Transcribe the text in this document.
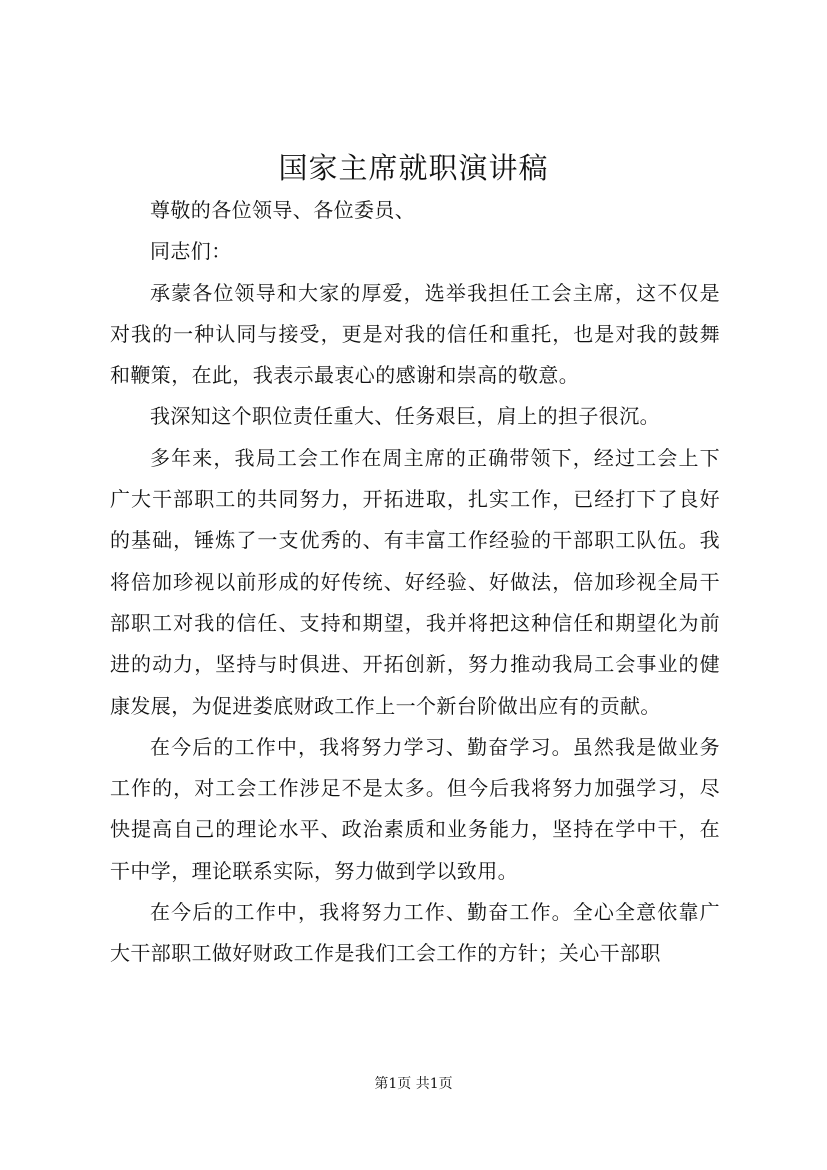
国家主席就职演讲稿

尊敬的各位领导、各位委员、

同志们：

承蒙各位领导和大家的厚爱，选举我担任工会主席，这不仅是对我的一种认同与接受，更是对我的信任和重托，也是对我的鼓舞和鞭策，在此，我表示最衷心的感谢和崇高的敬意。

我深知这个职位责任重大、任务艰巨，肩上的担子很沉。

多年来，我局工会工作在周主席的正确带领下，经过工会上下广大干部职工的共同努力，开拓进取，扎实工作，已经打下了良好的基础，锤炼了一支优秀的、有丰富工作经验的干部职工队伍。我将倍加珍视以前形成的好传统、好经验、好做法，倍加珍视全局干部职工对我的信任、支持和期望，我并将把这种信任和期望化为前进的动力，坚持与时俱进、开拓创新，努力推动我局工会事业的健康发展，为促进娄底财政工作上一个新台阶做出应有的贡献。

在今后的工作中，我将努力学习、勤奋学习。虽然我是做业务工作的，对工会工作涉足不是太多。但今后我将努力加强学习，尽快提高自己的理论水平、政治素质和业务能力，坚持在学中干，在干中学，理论联系实际，努力做到学以致用。

在今后的工作中，我将努力工作、勤奋工作。全心全意依靠广大干部职工做好财政工作是我们工会工作的方针；关心干部职

第1页 共1页
